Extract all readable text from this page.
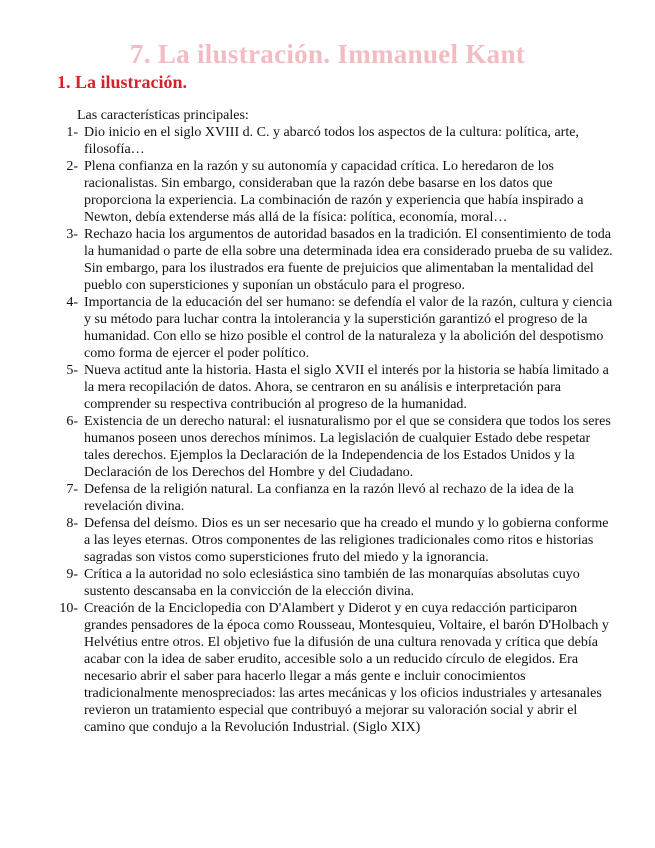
7. La ilustración. Immanuel Kant
1. La ilustración.

Las características principales:

1- Dio inicio en el siglo XVIII d. C. y abarcó todos los aspectos de la cultura: política, arte, filosofía…
2- Plena confianza en la razón y su autonomía y capacidad crítica. Lo heredaron de los racionalistas. Sin embargo, consideraban que la razón debe basarse en los datos que proporciona la experiencia. La combinación de razón y experiencia que había inspirado a Newton, debía extenderse más allá de la física: política, economía, moral…
3- Rechazo hacia los argumentos de autoridad basados en la tradición. El consentimiento de toda la humanidad o parte de ella sobre una determinada idea era considerado prueba de su validez. Sin embargo, para los ilustrados era fuente de prejuicios que alimentaban la mentalidad del pueblo con supersticiones y suponían un obstáculo para el progreso.
4- Importancia de la educación del ser humano: se defendía el valor de la razón, cultura y ciencia y su método para luchar contra la intolerancia y la superstición garantizó el progreso de la humanidad. Con ello se hizo posible el control de la naturaleza y la abolición del despotismo como forma de ejercer el poder político.
5- Nueva actitud ante la historia. Hasta el siglo XVII el interés por la historia se había limitado a la mera recopilación de datos. Ahora, se centraron en su análisis e interpretación para comprender su respectiva contribución al progreso de la humanidad.
6- Existencia de un derecho natural: el iusnaturalismo por el que se considera que todos los seres humanos poseen unos derechos mínimos. La legislación de cualquier Estado debe respetar tales derechos. Ejemplos la Declaración de la Independencia de los Estados Unidos y la Declaración de los Derechos del Hombre y del Ciudadano.
7- Defensa de la religión natural. La confianza en la razón llevó al rechazo de la idea de la revelación divina.
8- Defensa del deísmo. Dios es un ser necesario que ha creado el mundo y lo gobierna conforme a las leyes eternas. Otros componentes de las religiones tradicionales como ritos e historias sagradas son vistos como supersticiones fruto del miedo y la ignorancia.
9- Crítica a la autoridad no solo eclesiástica sino también de las monarquías absolutas cuyo sustento descansaba en la convicción de la elección divina.
10- Creación de la Enciclopedia con D'Alambert y Diderot y en cuya redacción participaron grandes pensadores de la época como Rousseau, Montesquieu, Voltaire, el barón D'Holbach y Helvétius entre otros. El objetivo fue la difusión de una cultura renovada y crítica que debía acabar con la idea de saber erudito, accesible solo a un reducido círculo de elegidos. Era necesario abrir el saber para hacerlo llegar a más gente e incluir conocimientos tradicionalmente menospreciados: las artes mecánicas y los oficios industriales y artesanales revieron un tratamiento especial que contribuyó a mejorar su valoración social y abrir el camino que condujo a la Revolución Industrial. (Siglo XIX)
